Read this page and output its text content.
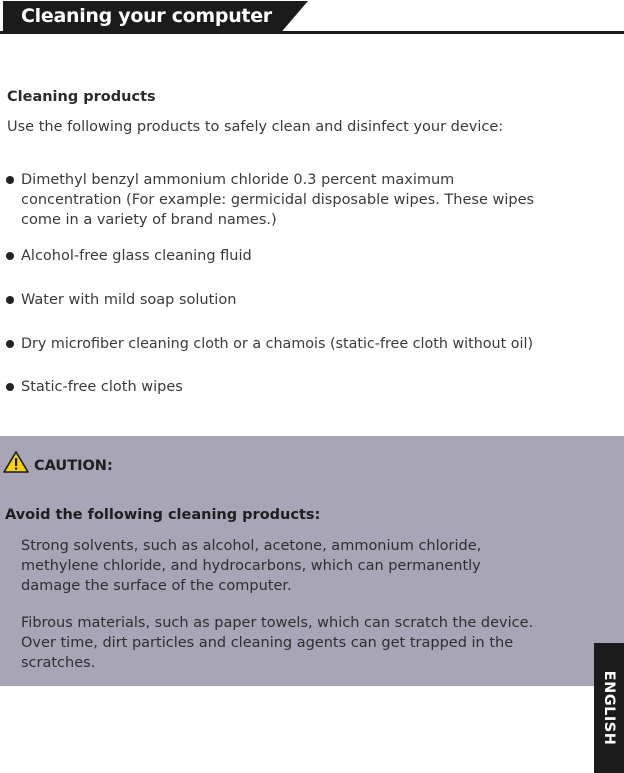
Cleaning your computer
Cleaning products
Use the following products to safely clean and disinfect your device:
Dimethyl benzyl ammonium chloride 0.3 percent maximum concentration (For example: germicidal disposable wipes. These wipes come in a variety of brand names.)
Alcohol-free glass cleaning fluid
Water with mild soap solution
Dry microfiber cleaning cloth or a chamois (static-free cloth without oil)
Static-free cloth wipes
CAUTION:
Avoid the following cleaning products:
Strong solvents, such as alcohol, acetone, ammonium chloride, methylene chloride, and hydrocarbons, which can permanently damage the surface of the computer.
Fibrous materials, such as paper towels, which can scratch the device. Over time, dirt particles and cleaning agents can get trapped in the scratches.
ENGLISH
